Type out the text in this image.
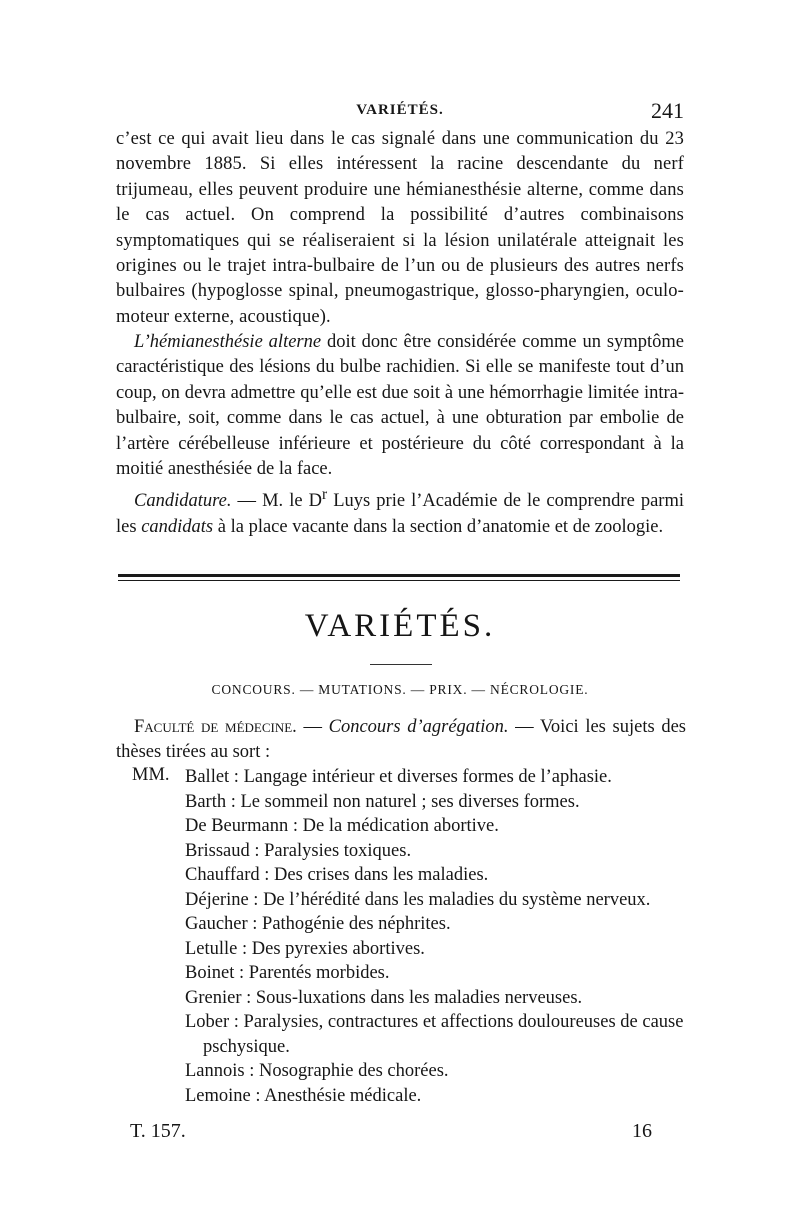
VARIÉTÉS.	241

c’est ce qui avait lieu dans le cas signalé dans une communication du 23 novembre 1885. Si elles intéressent la racine descendante du nerf trijumeau, elles peuvent produire une hémianesthésie alterne, comme dans le cas actuel. On comprend la possibilité d’autres combinaisons symptomatiques qui se réaliseraient si la lésion unilatérale atteignait les origines ou le trajet intra-bulbaire de l’un ou de plusieurs des autres nerfs bulbaires (hypoglosse spinal, pneumogastrique, glosso-pharyngien, oculo-moteur externe, acoustique).

L’hémianesthésie alterne doit donc être considérée comme un symptôme caractéristique des lésions du bulbe rachidien. Si elle se manifeste tout d’un coup, on devra admettre qu’elle est due soit à une hémorrhagie limitée intra-bulbaire, soit, comme dans le cas actuel, à une obturation par embolie de l’artère cérébelleuse inférieure et postérieure du côté correspondant à la moitié anesthésiée de la face.

Candidature. — M. le $D^r$ Luys prie l’Académie de le comprendre parmi les candidats à la place vacante dans la section d’anatomie et de zoologie.

VARIÉTÉS.
CONCOURS. — MUTATIONS. — PRIX. — NÉCROLOGIE.

Faculté de médecine. — Concours d’agrégation. — Voici les sujets des thèses tirées au sort :

MM. Ballet : Langage intérieur et diverses formes de l’aphasie.
Barth : Le sommeil non naturel ; ses diverses formes.
De Beurmann : De la médication abortive.
Brissaud : Paralysies toxiques.
Chauffard : Des crises dans les maladies.
Déjerine : De l’hérédité dans les maladies du système nerveux.
Gaucher : Pathogénie des néphrites.
Letulle : Des pyrexies abortives.
Boinet : Parentés morbides.
Grenier : Sous-luxations dans les maladies nerveuses.
Lober : Paralysies, contractures et affections douloureuses de cause pschysique.
Lannois : Nosographie des chorées.
Lemoine : Anesthésie médicale.
T. 157.	16
